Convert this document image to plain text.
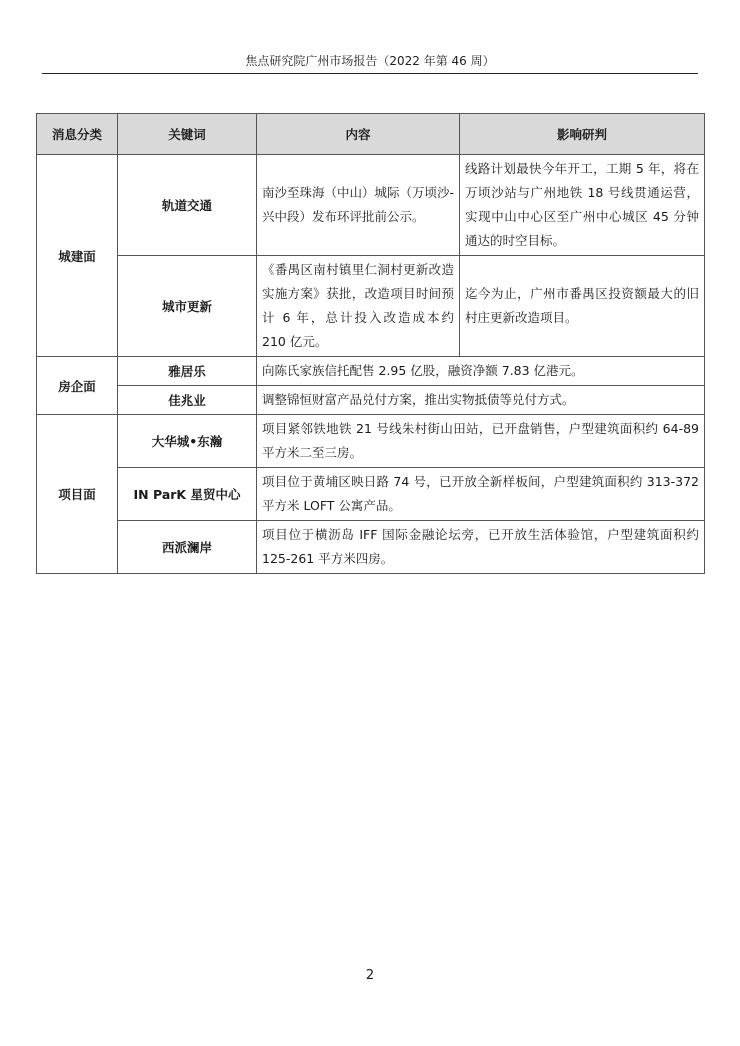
焦点研究院广州市场报告（2022 年第 46 周）
消息分类	关键词	内容	影响研判
城建面	轨道交通	南沙至珠海（中山）城际（万顷沙-兴中段）发布环评批前公示。	线路计划最快今年开工，工期 5 年，将在万顷沙站与广州地铁 18 号线贯通运营，实现中山中心区至广州中心城区 45 分钟通达的时空目标。
	城市更新	《番禺区南村镇里仁洞村更新改造实施方案》获批，改造项目时间预计 6 年，总计投入改造成本约 210 亿元。	迄今为止，广州市番禺区投资额最大的旧村庄更新改造项目。
房企面	雅居乐	向陈氏家族信托配售 2.95 亿股，融资净额 7.83 亿港元。	
	佳兆业	调整锦恒财富产品兑付方案，推出实物抵债等兑付方式。	
项目面	大华城•东瀚	项目紧邻铁地铁 21 号线朱村街山田站，已开盘销售，户型建筑面积约 64-89 平方米二至三房。	
	IN ParK 星贸中心	项目位于黄埔区映日路 74 号，已开放全新样板间，户型建筑面积约 313-372 平方米 LOFT 公寓产品。	
	西派澜岸	项目位于横沥岛 IFF 国际金融论坛旁，已开放生活体验馆，户型建筑面积约 125-261 平方米四房。	
2
